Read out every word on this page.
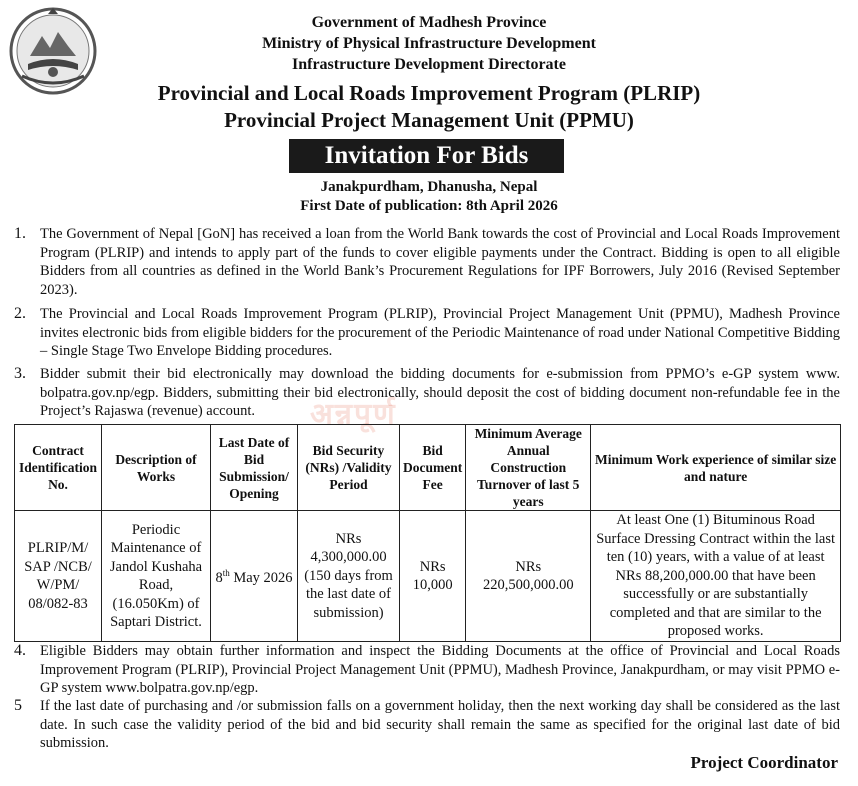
Government of Madhesh Province
Ministry of Physical Infrastructure Development
Infrastructure Development Directorate
Provincial and Local Roads Improvement Program (PLRIP)
Provincial Project Management Unit (PPMU)
Invitation For Bids
Janakpurdham, Dhanusha, Nepal
First Date of publication: 8th April 2026
1. The Government of Nepal [GoN] has received a loan from the World Bank towards the cost of Provincial and Local Roads Improvement Program (PLRIP) and intends to apply part of the funds to cover eligible payments under the Contract. Bidding is open to all eligible Bidders from all countries as defined in the World Bank’s Procurement Regulations for IPF Borrowers, July 2016 (Revised September 2023).
2. The Provincial and Local Roads Improvement Program (PLRIP), Provincial Project Management Unit (PPMU), Madhesh Province invites electronic bids from eligible bidders for the procurement of the Periodic Maintenance of road under National Competitive Bidding – Single Stage Two Envelope Bidding procedures.
3. Bidder submit their bid electronically may download the bidding documents for e-submission from PPMO’s e-GP system www. bolpatra.gov.np/egp. Bidders, submitting their bid electronically, should deposit the cost of bidding document non-refundable fee in the Project’s Rajaswa (revenue) account.	अन्नपूर्ण
Contract Identification No.	Description of Works	Last Date of Bid Submission/ Opening	Bid Security (NRs) /Validity Period	Bid Document Fee	Minimum Average Annual Construction Turnover of last 5 years	Minimum Work experience of similar size and nature
PLRIP/M/ SAP /NCB/ W/PM/ 08/082-83	Periodic Maintenance of Jandol Kushaha Road, (16.050Km) of Saptari District.	8th May 2026	NRs 4,300,000.00 (150 days from the last date of submission)	NRs 10,000	NRs 220,500,000.00	At least One (1) Bituminous Road Surface Dressing Contract within the last ten (10) years, with a value of at least NRs 88,200,000.00 that have been successfully or are substantially completed and that are similar to the proposed works.
4. Eligible Bidders may obtain further information and inspect the Bidding Documents at the office of Provincial and Local Roads Improvement Program (PLRIP), Provincial Project Management Unit (PPMU), Madhesh Province, Janakpurdham, or may visit PPMO e-GP system www.bolpatra.gov.np/egp.
5 If the last date of purchasing and /or submission falls on a government holiday, then the next working day shall be considered as the last date. In such case the validity period of the bid and bid security shall remain the same as specified for the original last date of bid submission.
Project Coordinator
